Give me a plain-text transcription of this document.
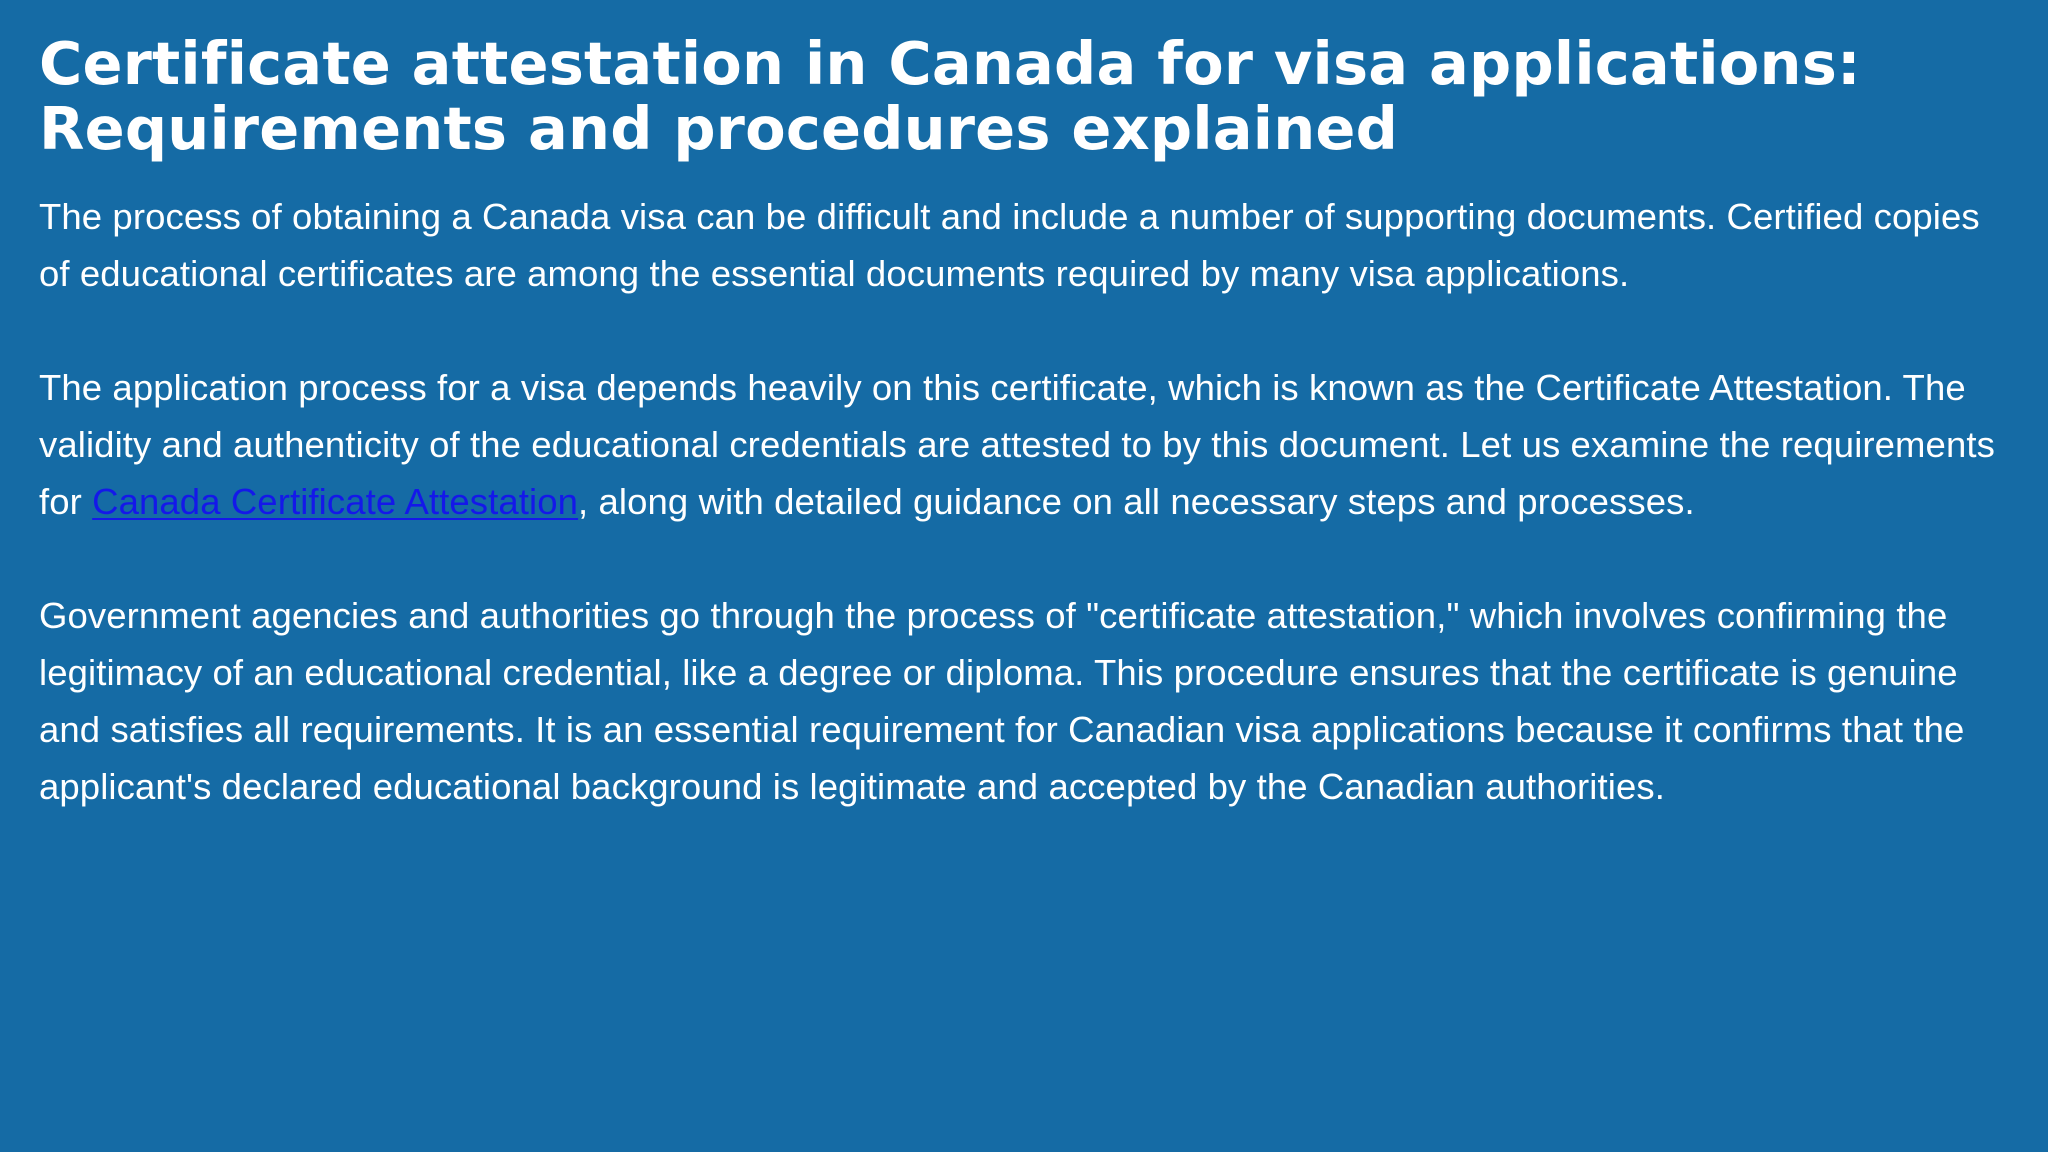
Certificate attestation in Canada for visa applications:
Requirements and procedures explained

The process of obtaining a Canada visa can be difficult and include a number of supporting documents. Certified copies of educational certificates are among the essential documents required by many visa applications.

The application process for a visa depends heavily on this certificate, which is known as the Certificate Attestation. The validity and authenticity of the educational credentials are attested to by this document. Let us examine the requirements for Canada Certificate Attestation, along with detailed guidance on all necessary steps and processes.

Government agencies and authorities go through the process of "certificate attestation," which involves confirming the legitimacy of an educational credential, like a degree or diploma. This procedure ensures that the certificate is genuine and satisfies all requirements. It is an essential requirement for Canadian visa applications because it confirms that the applicant's declared educational background is legitimate and accepted by the Canadian authorities.
